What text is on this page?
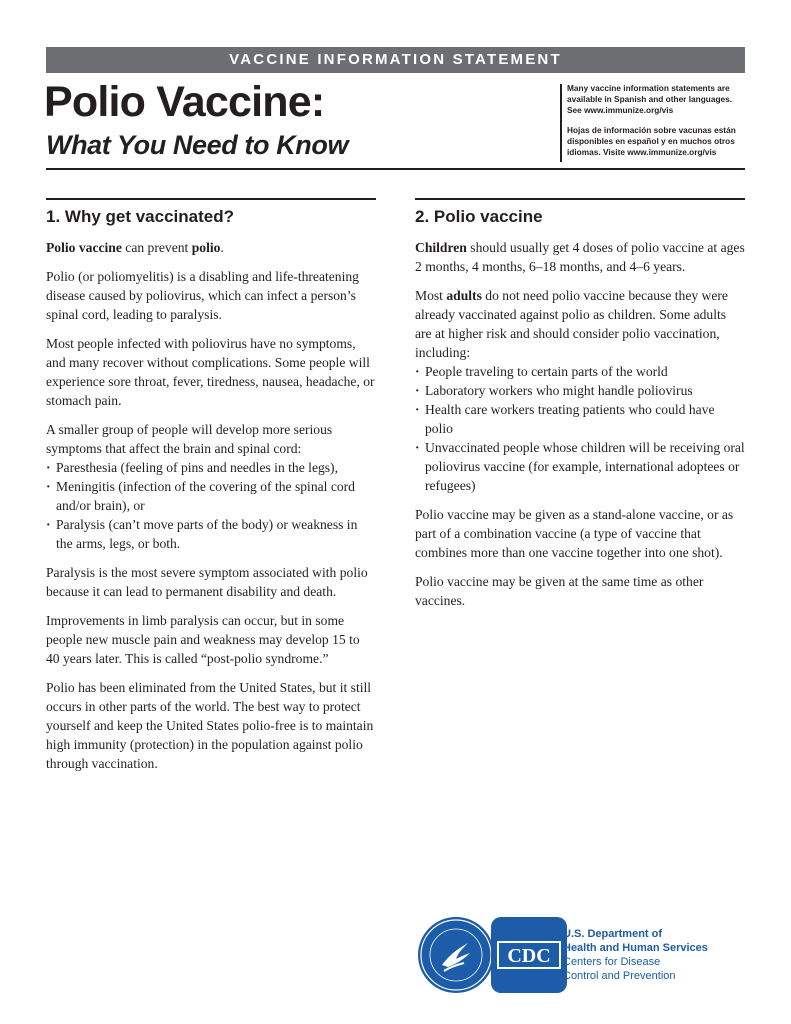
VACCINE INFORMATION STATEMENT
Polio Vaccine:
What You Need to Know
Many vaccine information statements are
available in Spanish and other languages.
See www.immunize.org/vis
Hojas de información sobre vacunas están
disponibles en español y en muchos otros
idiomas. Visite www.immunize.org/vis
1. Why get vaccinated?

Polio vaccine can prevent polio.

Polio (or poliomyelitis) is a disabling and life-threatening disease caused by poliovirus, which can infect a person’s spinal cord, leading to paralysis.

Most people infected with poliovirus have no symptoms, and many recover without complications. Some people will experience sore throat, fever, tiredness, nausea, headache, or stomach pain.

A smaller group of people will develop more serious symptoms that affect the brain and spinal cord:

· Paresthesia (feeling of pins and needles in the legs),
· Meningitis (infection of the covering of the spinal cord and/or brain), or
· Paralysis (can’t move parts of the body) or weakness in the arms, legs, or both.

Paralysis is the most severe symptom associated with polio because it can lead to permanent disability and death.

Improvements in limb paralysis can occur, but in some people new muscle pain and weakness may develop 15 to 40 years later. This is called “post-polio syndrome.”

Polio has been eliminated from the United States, but it still occurs in other parts of the world. The best way to protect yourself and keep the United States polio-free is to maintain high immunity (protection) in the population against polio through vaccination.

2. Polio vaccine

Children should usually get 4 doses of polio vaccine at ages 2 months, 4 months, 6–18 months, and 4–6 years.

Most adults do not need polio vaccine because they were already vaccinated against polio as children. Some adults are at higher risk and should consider polio vaccination, including:

· People traveling to certain parts of the world
· Laboratory workers who might handle poliovirus
· Health care workers treating patients who could have polio
· Unvaccinated people whose children will be receiving oral poliovirus vaccine (for example, international adoptees or refugees)

Polio vaccine may be given as a stand-alone vaccine, or as part of a combination vaccine (a type of vaccine that combines more than one vaccine together into one shot).

Polio vaccine may be given at the same time as other vaccines.

CDC
U.S. Department of
Health and Human Services
Centers for Disease
Control and Prevention
